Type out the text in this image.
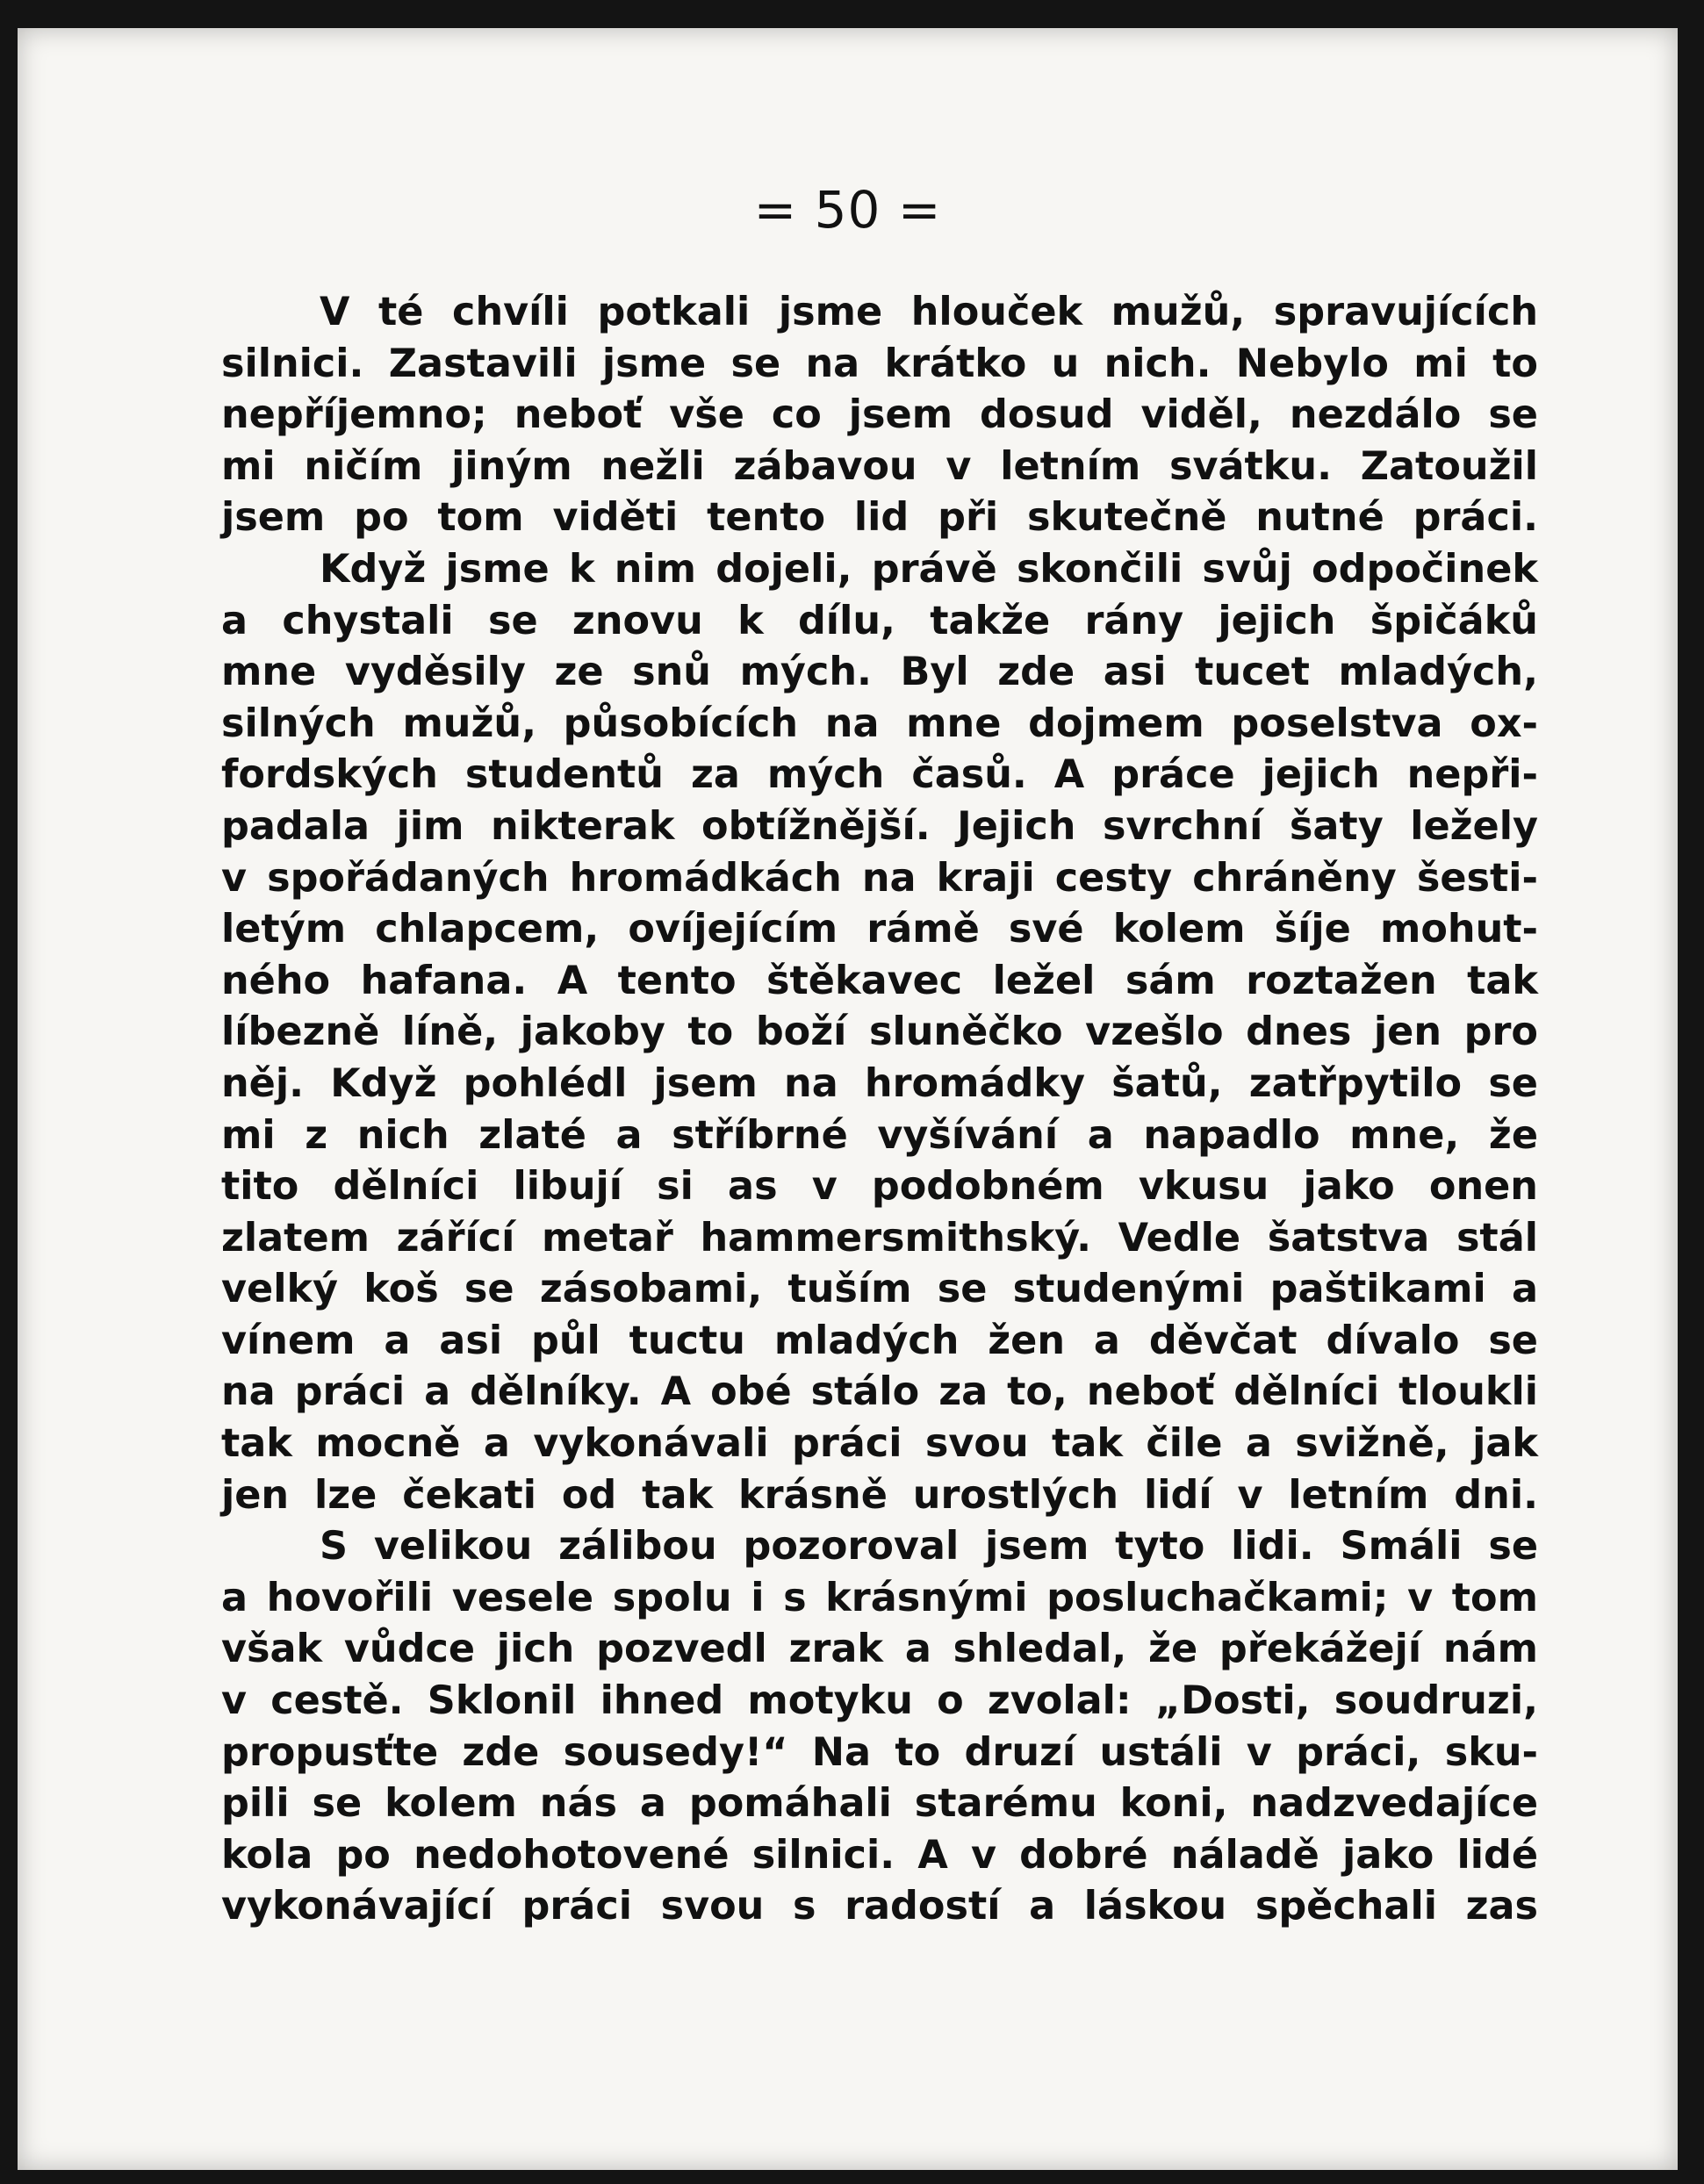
= 50 =
V té chvíli potkali jsme hlouček mužů, spravujících
silnici. Zastavili jsme se na krátko u nich. Nebylo mi to
nepříjemno; neboť vše co jsem dosud viděl, nezdálo se
mi ničím jiným nežli zábavou v letním svátku. Zatoužil
jsem po tom viděti tento lid při skutečně nutné práci.
Když jsme k nim dojeli, právě skončili svůj odpočinek
a chystali se znovu k dílu, takže rány jejich špičáků
mne vyděsily ze snů mých. Byl zde asi tucet mladých,
silných mužů, působících na mne dojmem poselstva ox-
fordských studentů za mých časů. A práce jejich nepři-
padala jim nikterak obtížnější. Jejich svrchní šaty ležely
v spořádaných hromádkách na kraji cesty chráněny šesti-
letým chlapcem, ovíjejícím rámě své kolem šíje mohut-
ného hafana. A tento štěkavec ležel sám roztažen tak
líbezně líně, jakoby to boží sluněčko vzešlo dnes jen pro
něj. Když pohlédl jsem na hromádky šatů, zatřpytilo se
mi z nich zlaté a stříbrné vyšívání a napadlo mne, že
tito dělníci libují si as v podobném vkusu jako onen
zlatem zářící metař hammersmithský. Vedle šatstva stál
velký koš se zásobami, tuším se studenými paštikami a
vínem a asi půl tuctu mladých žen a děvčat dívalo se
na práci a dělníky. A obé stálo za to, neboť dělníci tloukli
tak mocně a vykonávali práci svou tak čile a svižně, jak
jen lze čekati od tak krásně urostlých lidí v letním dni.
S velikou zálibou pozoroval jsem tyto lidi. Smáli se
a hovořili vesele spolu i s krásnými posluchačkami; v tom
však vůdce jich pozvedl zrak a shledal, že překážejí nám
v cestě. Sklonil ihned motyku o zvolal: „Dosti, soudruzi,
propusťte zde sousedy!“ Na to druzí ustáli v práci, sku-
pili se kolem nás a pomáhali starému koni, nadzvedajíce
kola po nedohotovené silnici. A v dobré náladě jako lidé
vykonávající práci svou s radostí a láskou spěchali zas
